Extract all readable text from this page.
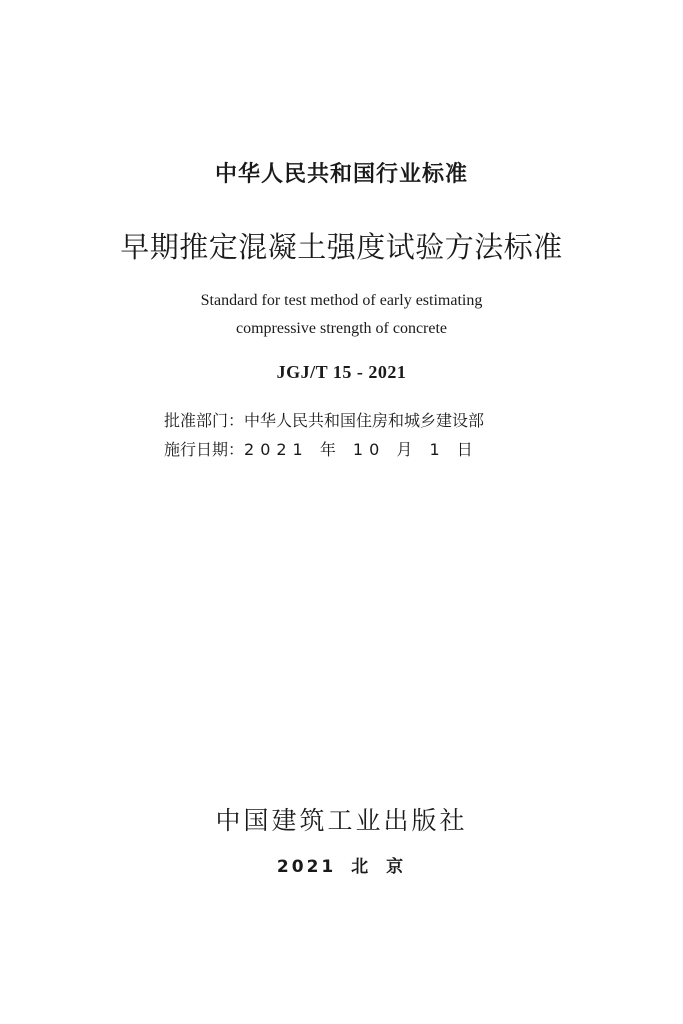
中华人民共和国行业标准
早期推定混凝土强度试验方法标准
Standard for test method of early estimating
compressive strength of concrete
JGJ/T 15 - 2021
批准部门：中华人民共和国住房和城乡建设部
施行日期：2021 年 10 月 1 日
中国建筑工业出版社
2021 北 京
